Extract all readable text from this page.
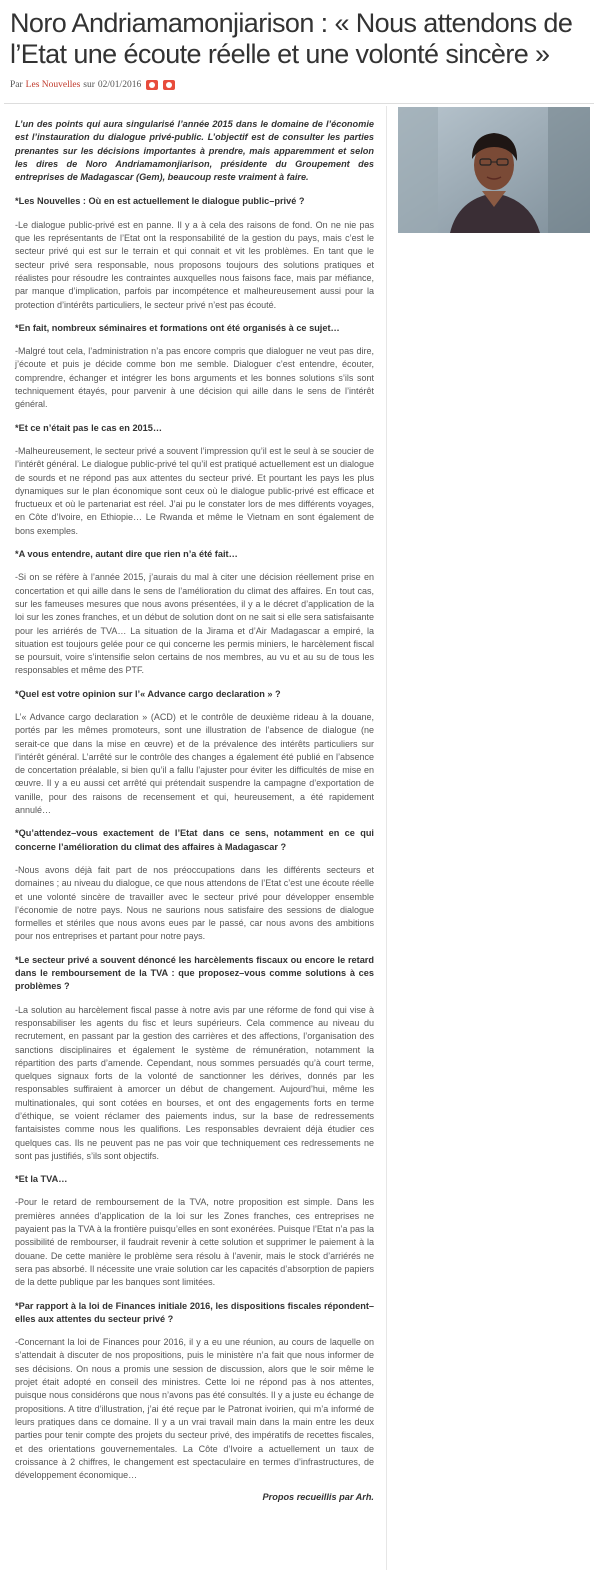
Noro Andriamamonjiarison : « Nous attendons de l’Etat une écoute réelle et une volonté sincère »
Par Les Nouvelles sur 02/01/2016

L’un des points qui aura singularisé l’année 2015 dans le domaine de l’économie est l’instauration du dialogue privé-public. L’objectif est de consulter les parties prenantes sur les décisions importantes à prendre, mais apparemment et selon les dires de Noro Andriamamonjiarison, présidente du Groupement des entreprises de Madagascar (Gem), beaucoup reste vraiment à faire.

*Les Nouvelles : Où en est actuellement le dialogue public–privé ?

-Le dialogue public-privé est en panne. Il y a à cela des raisons de fond. On ne nie pas que les représentants de l’Etat ont la responsabilité de la gestion du pays, mais c’est le secteur privé qui est sur le terrain et qui connait et vit les problèmes. En tant que le secteur privé sera responsable, nous proposons toujours des solutions pratiques et réalistes pour résoudre les contraintes auxquelles nous faisons face, mais par méfiance, par manque d’implication, parfois par incompétence et malheureusement aussi pour la protection d’intérêts particuliers, le secteur privé n’est pas écouté.

*En fait, nombreux séminaires et formations ont été organisés à ce sujet…

-Malgré tout cela, l’administration n’a pas encore compris que dialoguer ne veut pas dire, j’écoute et puis je décide comme bon me semble. Dialoguer c’est entendre, écouter, comprendre, échanger et intégrer les bons arguments et les bonnes solutions s’ils sont techniquement étayés, pour parvenir à une décision qui aille dans le sens de l’intérêt général.

*Et ce n’était pas le cas en 2015…

-Malheureusement, le secteur privé a souvent l’impression qu’il est le seul à se soucier de l’intérêt général. Le dialogue public-privé tel qu’il est pratiqué actuellement est un dialogue de sourds et ne répond pas aux attentes du secteur privé. Et pourtant les pays les plus dynamiques sur le plan économique sont ceux où le dialogue public-privé est efficace et fructueux et où le partenariat est réel. J’ai pu le constater lors de mes différents voyages, en Côte d’Ivoire, en Ethiopie… Le Rwanda et même le Vietnam en sont également de bons exemples.

*A vous entendre, autant dire que rien n’a été fait…

-Si on se réfère à l’année 2015, j’aurais du mal à citer une décision réellement prise en concertation et qui aille dans le sens de l’amélioration du climat des affaires. En tout cas, sur les fameuses mesures que nous avons présentées, il y a le décret d’application de la loi sur les zones franches, et un début de solution dont on ne sait si elle sera satisfaisante pour les arriérés de TVA… La situation de la Jirama et d’Air Madagascar a empiré, la situation est toujours gelée pour ce qui concerne les permis miniers, le harcèlement fiscal se poursuit, voire s’intensifie selon certains de nos membres, au vu et au su de tous les responsables et même des PTF.

*Quel est votre opinion sur l’« Advance cargo declaration » ?

L’« Advance cargo declaration » (ACD) et le contrôle de deuxième rideau à la douane, portés par les mêmes promoteurs, sont une illustration de l’absence de dialogue (ne serait-ce que dans la mise en œuvre) et de la prévalence des intérêts particuliers sur l’intérêt général. L’arrêté sur le contrôle des changes a également été publié en l’absence de concertation préalable, si bien qu’il a fallu l’ajuster pour éviter les difficultés de mise en œuvre. Il y a eu aussi cet arrêté qui prétendait suspendre la campagne d’exportation de vanille, pour des raisons de recensement et qui, heureusement, a été rapidement annulé…

*Qu’attendez–vous exactement de l’Etat dans ce sens, notamment en ce qui concerne l’amélioration du climat des affaires à Madagascar ?

-Nous avons déjà fait part de nos préoccupations dans les différents secteurs et domaines ; au niveau du dialogue, ce que nous attendons de l’Etat c’est une écoute réelle et une volonté sincère de travailler avec le secteur privé pour développer ensemble l’économie de notre pays. Nous ne saurions nous satisfaire des sessions de dialogue formelles et stériles que nous avons eues par le passé, car nous avons des ambitions pour nos entreprises et partant pour notre pays.

*Le secteur privé a souvent dénoncé les harcèlements fiscaux ou encore le retard dans le remboursement de la TVA : que proposez–vous comme solutions à ces problèmes ?

-La solution au harcèlement fiscal passe à notre avis par une réforme de fond qui vise à responsabiliser les agents du fisc et leurs supérieurs. Cela commence au niveau du recrutement, en passant par la gestion des carrières et des affections, l’organisation des sanctions disciplinaires et également le système de rémunération, notamment la répartition des parts d’amende. Cependant, nous sommes persuadés qu’à court terme, quelques signaux forts de la volonté de sanctionner les dérives, donnés par les responsables suffiraient à amorcer un début de changement. Aujourd’hui, même les multinationales, qui sont cotées en bourses, et ont des engagements forts en terme d’éthique, se voient réclamer des paiements indus, sur la base de redressements fantaisistes comme nous les qualifions. Les responsables devraient déjà étudier ces quelques cas. Ils ne peuvent pas ne pas voir que techniquement ces redressements ne sont pas justifiés, s’ils sont objectifs.

*Et la TVA…

-Pour le retard de remboursement de la TVA, notre proposition est simple. Dans les premières années d’application de la loi sur les Zones franches, ces entreprises ne payaient pas la TVA à la frontière puisqu’elles en sont exonérées. Puisque l’Etat n’a pas la possibilité de rembourser, il faudrait revenir à cette solution et supprimer le paiement à la douane. De cette manière le problème sera résolu à l’avenir, mais le stock d’arriérés ne sera pas absorbé. Il nécessite une vraie solution car les capacités d’absorption de papiers de la dette publique par les banques sont limitées.

*Par rapport à la loi de Finances initiale 2016, les dispositions fiscales répondent–elles aux attentes du secteur privé ?

-Concernant la loi de Finances pour 2016, il y a eu une réunion, au cours de laquelle on s’attendait à discuter de nos propositions, puis le ministère n’a fait que nous informer de ses décisions. On nous a promis une session de discussion, alors que le soir même le projet était adopté en conseil des ministres. Cette loi ne répond pas à nos attentes, puisque nous considérons que nous n’avons pas été consultés. Il y a juste eu échange de propositions. A titre d’illustration, j’ai été reçue par le Patronat ivoirien, qui m’a informé de leurs pratiques dans ce domaine. Il y a un vrai travail main dans la main entre les deux parties pour tenir compte des projets du secteur privé, des impératifs de recettes fiscales, et des orientations gouvernementales. La Côte d’Ivoire a actuellement un taux de croissance à 2 chiffres, le changement est spectaculaire en termes d’infrastructures, de développement économique…

Propos recueillis par Arh.
